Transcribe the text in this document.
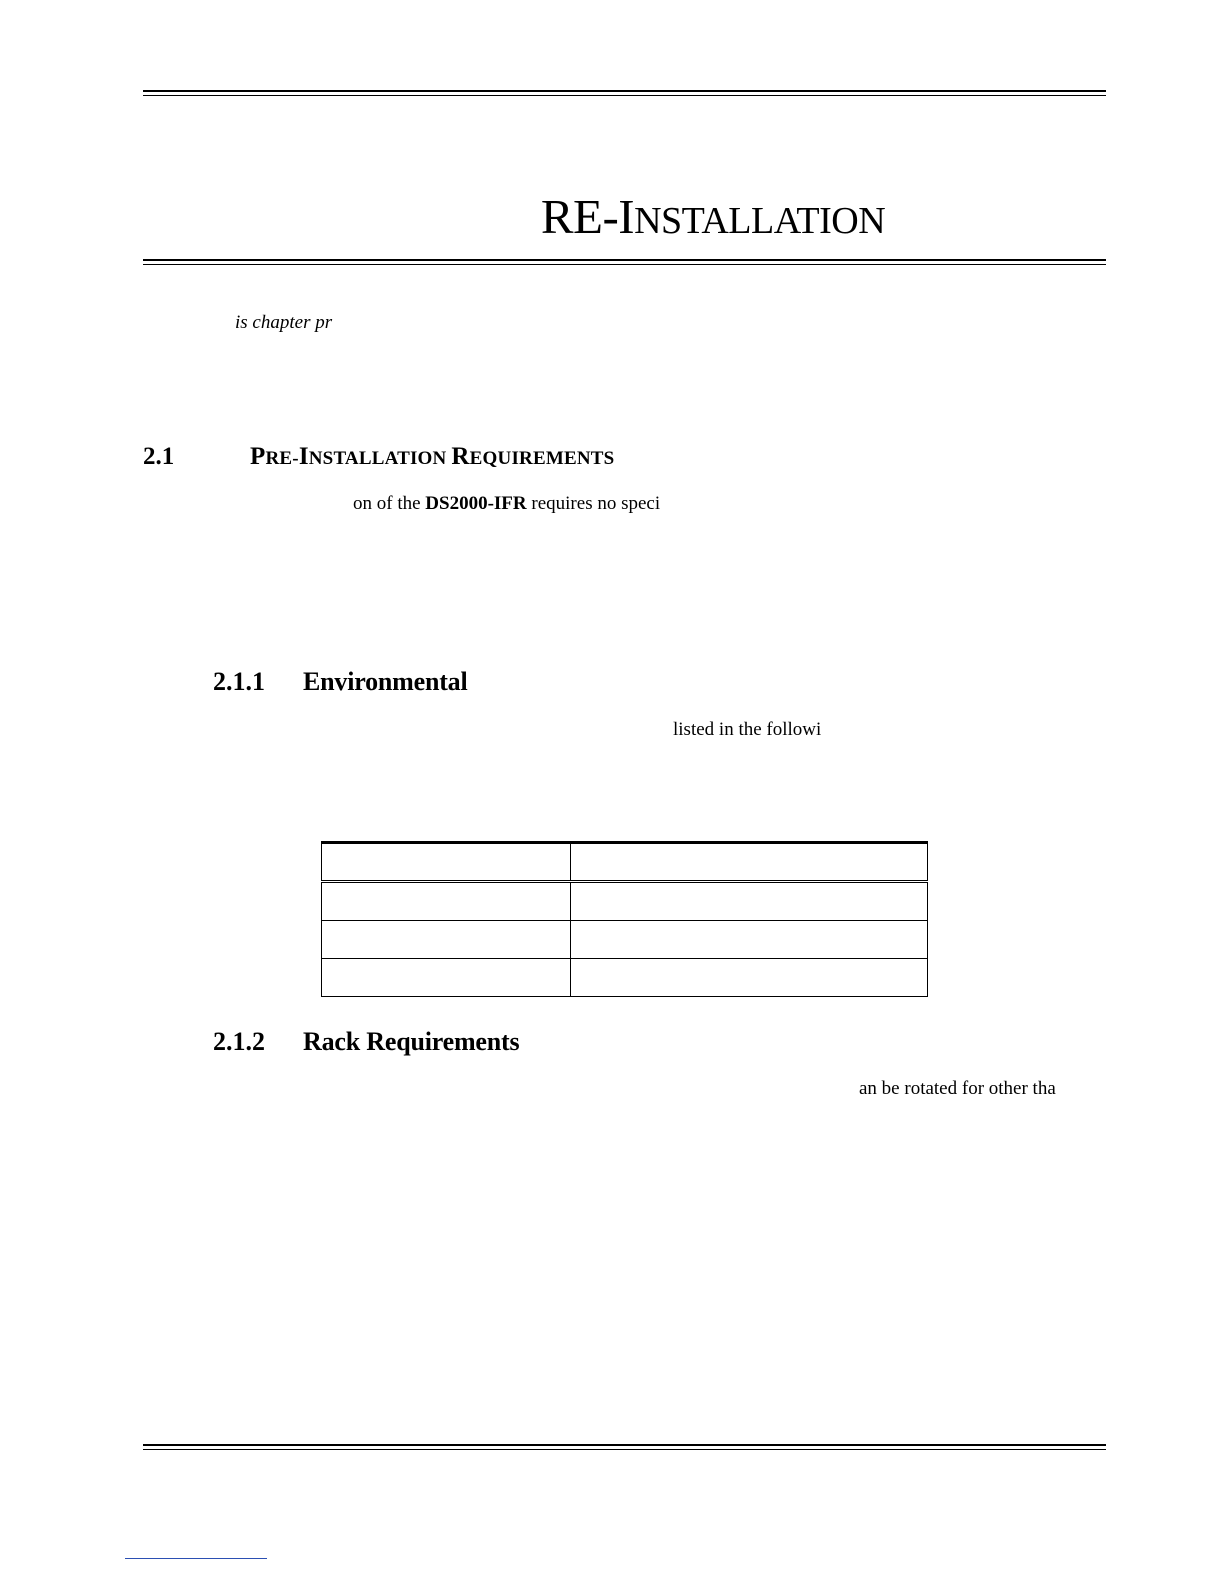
RE-INSTALLATION
is chapter pr
2.1	PRE-INSTALLATION REQUIREMENTS
on of the DS2000-IFR requires no speci
2.1.1 Environmental
listed in the followi

2.1.2 Rack Requirements
an be rotated for other tha
